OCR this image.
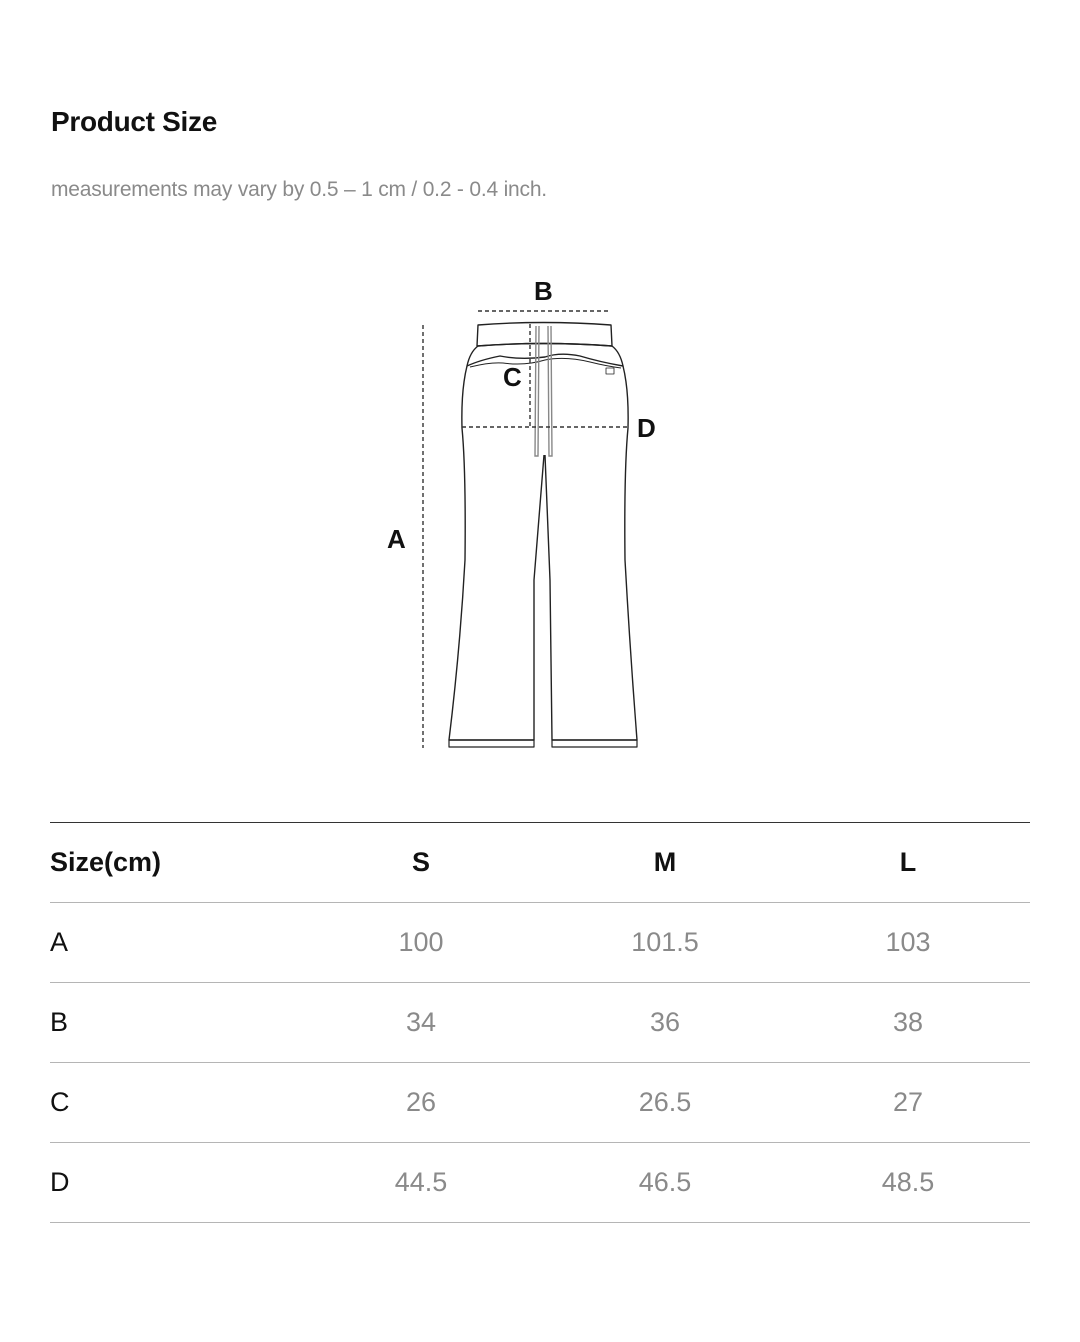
Product Size
measurements may vary by 0.5 – 1 cm / 0.2 - 0.4 inch.
A
B
C
D
Size(cm)	S	M	L
A	100	101.5	103
B	34	36	38
C	26	26.5	27
D	44.5	46.5	48.5
